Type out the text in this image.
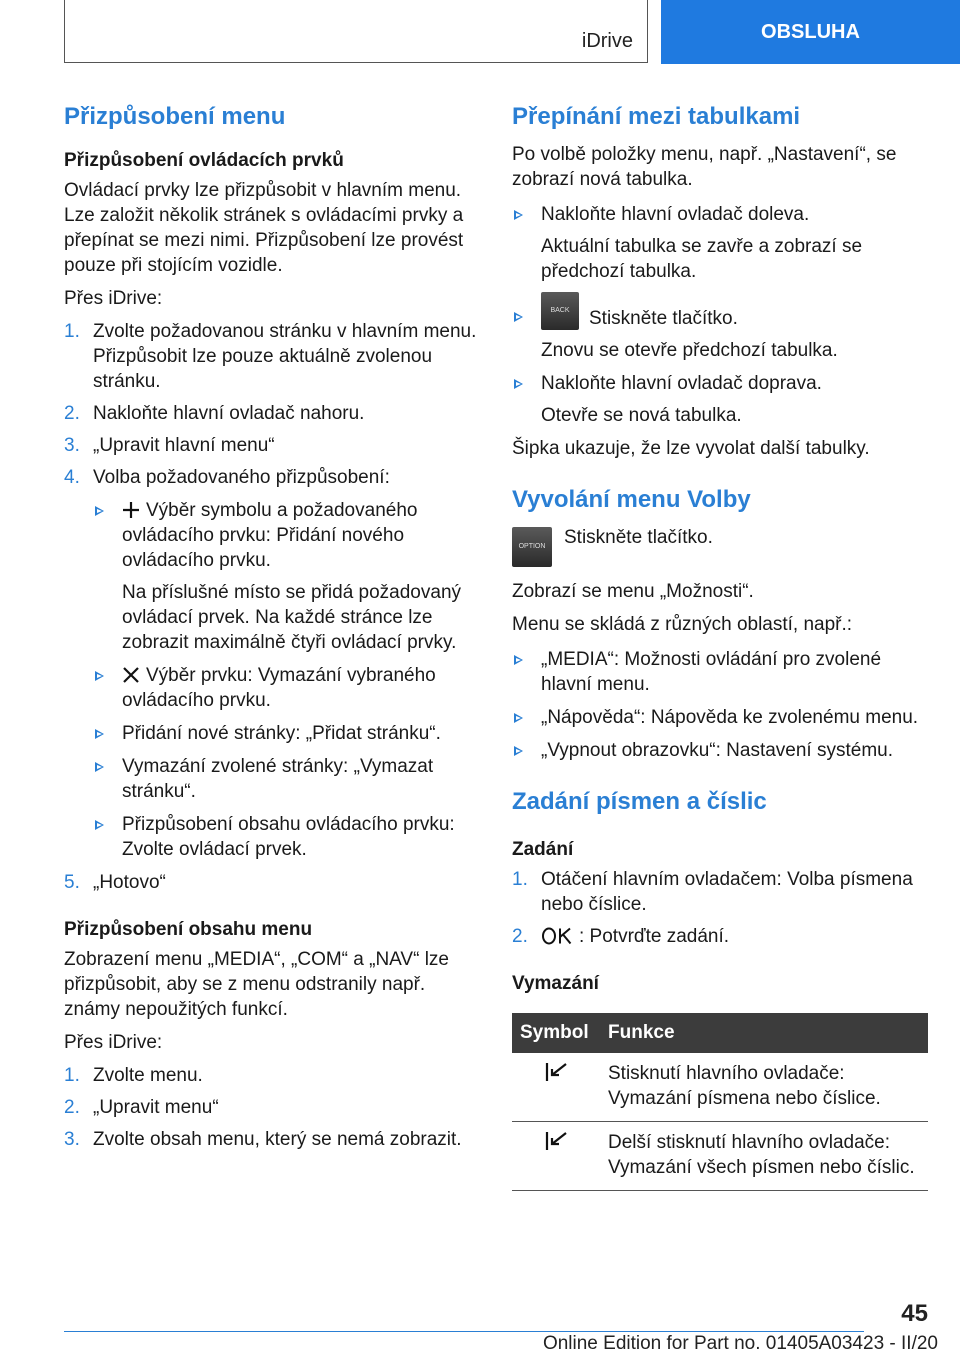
iDrive	OBSLUHA
Přizpůsobení menu
Přizpůsobení ovládacích prvků

Ovládací prvky lze přizpůsobit v hlavním menu. Lze založit několik stránek s ovládacími prvky a přepínat se mezi nimi. Přizpůsobení lze provést pouze při stojícím vozidle.

Přes iDrive:

1. Zvolte požadovanou stránku v hlavním menu. Přizpůsobit lze pouze aktuálně zvolenou stránku.
2. Nakloňte hlavní ovladač nahoru.
3. „Upravit hlavní menu“
4. Volba požadovaného přizpůsobení:
Výběr symbolu a požadovaného ovládacího prvku: Přidání nového ovládacího prvku.
Na příslušné místo se přidá požadovaný ovládací prvek. Na každé stránce lze zobrazit maximálně čtyři ovládací prvky.
Výběr prvku: Vymazání vybraného ovládacího prvku.
Přidání nové stránky: „Přidat stránku“.
Vymazání zvolené stránky: „Vymazat stránku“.
Přizpůsobení obsahu ovládacího prvku: Zvolte ovládací prvek.
5. „Hotovo“
Přizpůsobení obsahu menu

Zobrazení menu „MEDIA“, „COM“ a „NAV“ lze přizpůsobit, aby se z menu odstranily např. známy nepoužitých funkcí.

Přes iDrive:

1. Zvolte menu.
2. „Upravit menu“
3. Zvolte obsah menu, který se nemá zobrazit.
Přepínání mezi tabulkami

Po volbě položky menu, např. „Nastavení“, se zobrazí nová tabulka.

Nakloňte hlavní ovladač doleva.
Aktuální tabulka se zavře a zobrazí se předchozí tabulka.
BACK Stiskněte tlačítko.
Znovu se otevře předchozí tabulka.
Nakloňte hlavní ovladač doprava.
Otevře se nová tabulka.

Šipka ukazuje, že lze vyvolat další tabulky.

Vyvolání menu Volby
OPTION Stiskněte tlačítko.

Zobrazí se menu „Možnosti“.

Menu se skládá z různých oblastí, např.:

„MEDIA“: Možnosti ovládání pro zvolené hlavní menu.
„Nápověda“: Nápověda ke zvolenému menu.
„Vypnout obrazovku“: Nastavení systému.
Zadání písmen a číslic
Zadání
1. Otáčení hlavním ovladačem: Volba písmena nebo číslice.
2.	: Potvrďte zadání.
Vymazání
Symbol	Funkce
	Stisknutí hlavního ovladače: Vymazání písmena nebo číslice.
	Delší stisknutí hlavního ovladače: Vymazání všech písmen nebo číslic.
45
Online Edition for Part no. 01405A03423 - II/20
